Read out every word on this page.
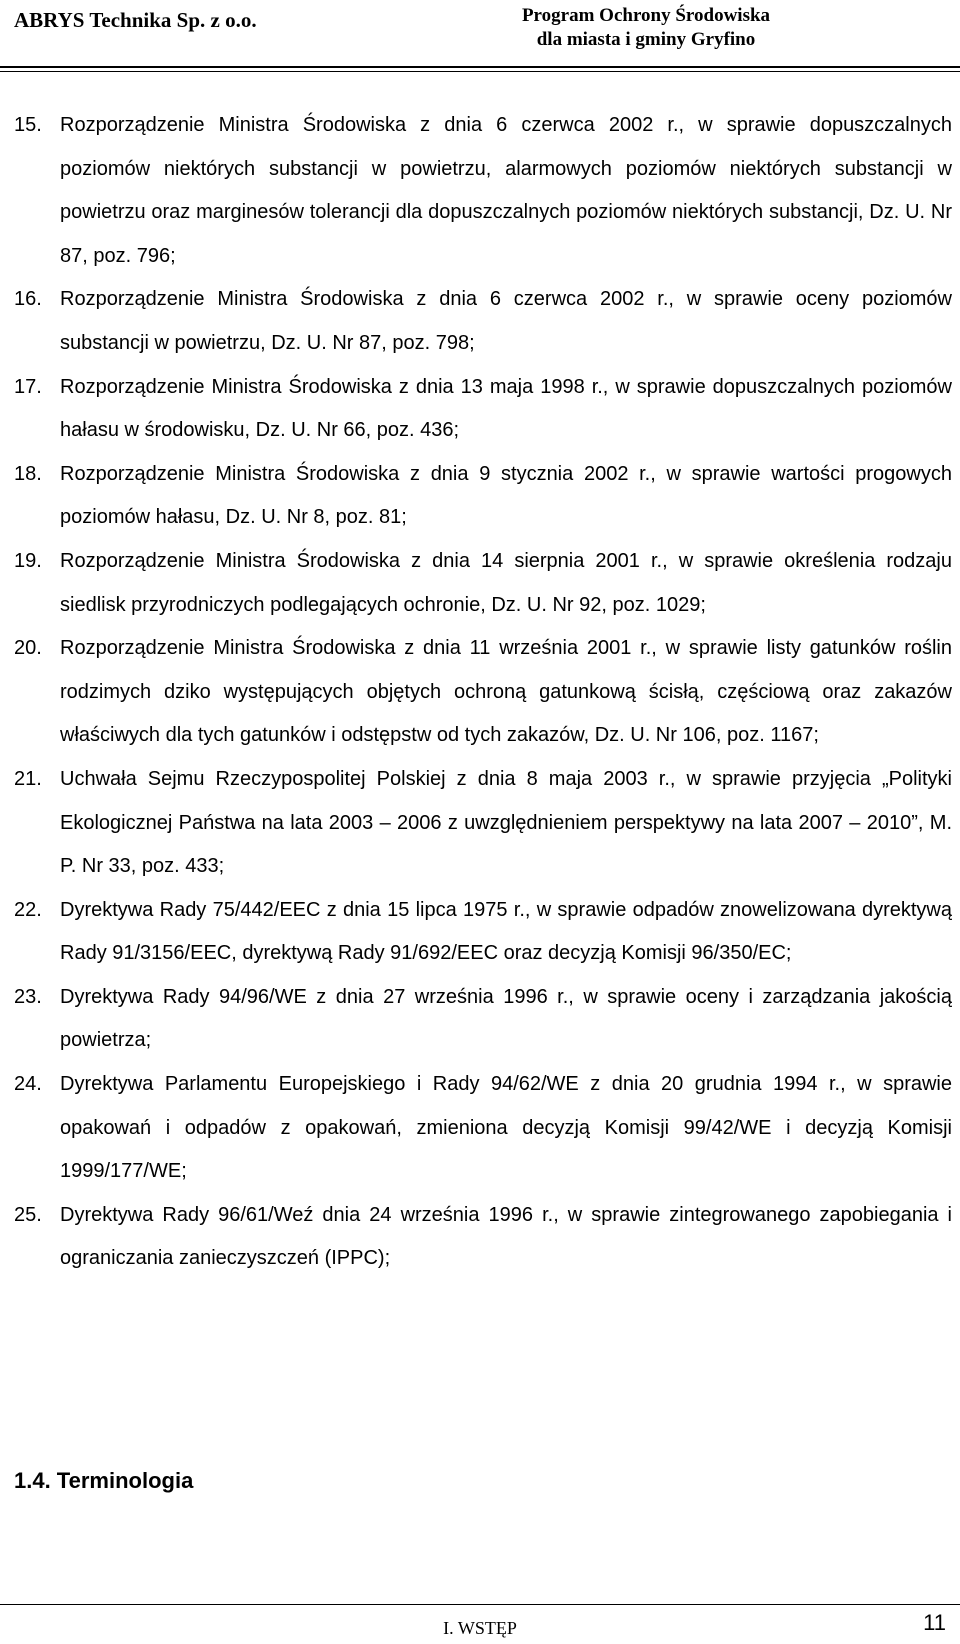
ABRYS Technika Sp. z o.o.	Program Ochrony Środowiska
dla miasta i gminy Gryfino
15. Rozporządzenie Ministra Środowiska z dnia 6 czerwca 2002 r., w sprawie dopuszczalnych poziomów niektórych substancji w powietrzu, alarmowych poziomów niektórych substancji w powietrzu oraz marginesów tolerancji dla dopuszczalnych poziomów niektórych substancji, Dz. U. Nr 87, poz. 796;
16. Rozporządzenie Ministra Środowiska z dnia 6 czerwca 2002 r., w sprawie oceny poziomów substancji w powietrzu, Dz. U. Nr 87, poz. 798;
17. Rozporządzenie Ministra Środowiska z dnia 13 maja 1998 r., w sprawie dopuszczalnych poziomów hałasu w środowisku, Dz. U. Nr 66, poz. 436;
18. Rozporządzenie Ministra Środowiska z dnia 9 stycznia 2002 r., w sprawie wartości progowych poziomów hałasu, Dz. U. Nr 8, poz. 81;
19. Rozporządzenie Ministra Środowiska z dnia 14 sierpnia 2001 r., w sprawie określenia rodzaju siedlisk przyrodniczych podlegających ochronie, Dz. U. Nr 92, poz. 1029;
20. Rozporządzenie Ministra Środowiska z dnia 11 września 2001 r., w sprawie listy gatunków roślin rodzimych dziko występujących objętych ochroną gatunkową ścisłą, częściową oraz zakazów właściwych dla tych gatunków i odstępstw od tych zakazów, Dz. U. Nr 106, poz. 1167;
21. Uchwała Sejmu Rzeczypospolitej Polskiej z dnia 8 maja 2003 r., w sprawie przyjęcia „Polityki Ekologicznej Państwa na lata 2003 – 2006 z uwzględnieniem perspektywy na lata 2007 – 2010”, M. P. Nr 33, poz. 433;
22. Dyrektywa Rady 75/442/EEC z dnia 15 lipca 1975 r., w sprawie odpadów znowelizowana dyrektywą Rady 91/3156/EEC, dyrektywą Rady 91/692/EEC oraz decyzją Komisji 96/350/EC;
23. Dyrektywa Rady 94/96/WE z dnia 27 września 1996 r., w sprawie oceny i zarządzania jakością powietrza;
24. Dyrektywa Parlamentu Europejskiego i Rady 94/62/WE z dnia 20 grudnia 1994 r., w sprawie opakowań i odpadów z opakowań, zmieniona decyzją Komisji 99/42/WE i decyzją Komisji 1999/177/WE;
25. Dyrektywa Rady 96/61/Weź dnia 24 września 1996 r., w sprawie zintegrowanego zapobiegania i ograniczania zanieczyszczeń (IPPC);
1.4. Terminologia
I. WSTĘP	11
